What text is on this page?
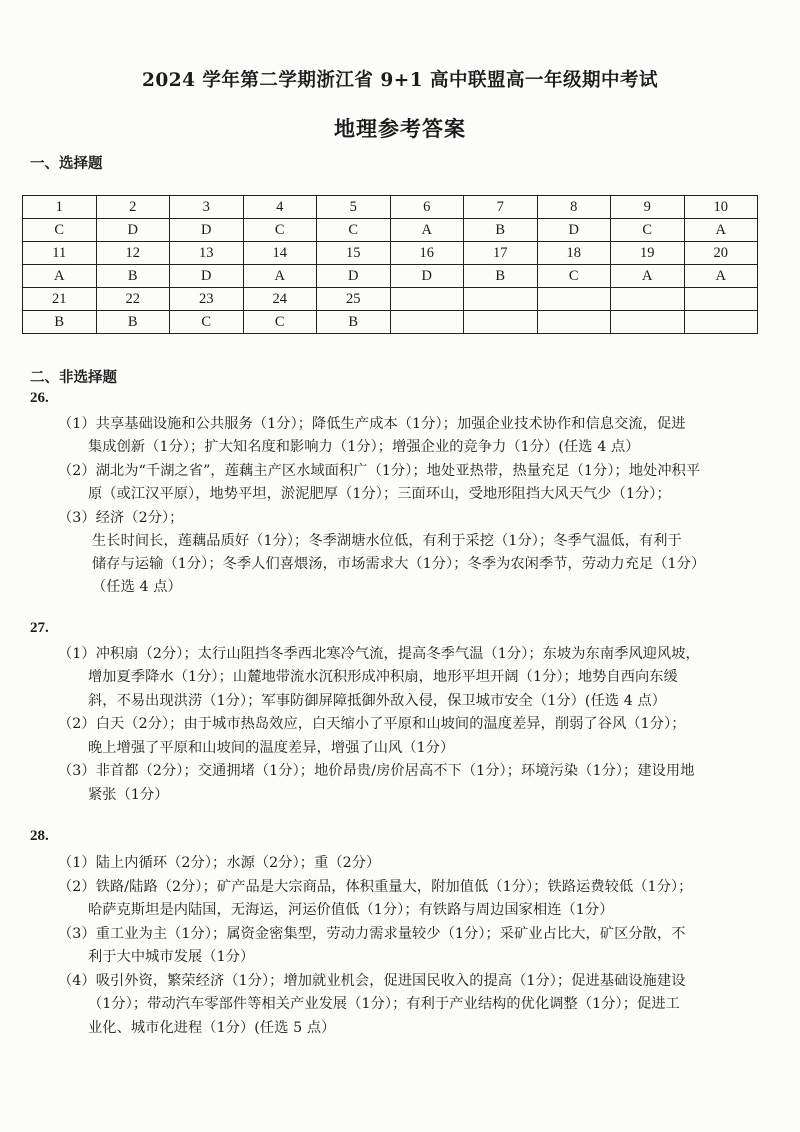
2024 学年第二学期浙江省 9+1 高中联盟高一年级期中考试
地理参考答案
一、选择题
1	2	3	4	5	6	7	8	9	10
C	D	D	C	C	A	B	D	C	A
11	12	13	14	15	16	17	18	19	20
A	B	D	A	D	D	B	C	A	A
21	22	23	24	25					
B	B	C	C	B					
二、非选择题
26.
（1）共享基础设施和公共服务（1分）；降低生产成本（1分）；加强企业技术协作和信息交流，促进
集成创新（1分）；扩大知名度和影响力（1分）；增强企业的竞争力（1分）(任选 4 点）
（2）湖北为“千湖之省”，莲藕主产区水域面积广（1分）；地处亚热带，热量充足（1分）；地处冲积平
原（或江汉平原），地势平坦，淤泥肥厚（1分）；三面环山，受地形阻挡大风天气少（1分）；
（3）经济（2分）；
生长时间长，莲藕品质好（1分）；冬季湖塘水位低，有利于采挖（1分）；冬季气温低，有利于
储存与运输（1分）；冬季人们喜煨汤，市场需求大（1分）；冬季为农闲季节，劳动力充足（1分）
（任选 4 点）
27.
（1）冲积扇（2分）；太行山阻挡冬季西北寒冷气流，提高冬季气温（1分）；东坡为东南季风迎风坡，
增加夏季降水（1分）；山麓地带流水沉积形成冲积扇，地形平坦开阔（1分）；地势自西向东缓
斜，不易出现洪涝（1分）；军事防御屏障抵御外敌入侵，保卫城市安全（1分）(任选 4 点）
（2）白天（2分）；由于城市热岛效应，白天缩小了平原和山坡间的温度差异，削弱了谷风（1分）；
晚上增强了平原和山坡间的温度差异，增强了山风（1分）
（3）非首都（2分）；交通拥堵（1分）；地价昂贵/房价居高不下（1分）；环境污染（1分）；建设用地
紧张（1分）
28.
（1）陆上内循环（2分）；水源（2分）；重（2分）
（2）铁路/陆路（2分）；矿产品是大宗商品，体积重量大，附加值低（1分）；铁路运费较低（1分）；
哈萨克斯坦是内陆国，无海运，河运价值低（1分）；有铁路与周边国家相连（1分）
（3）重工业为主（1分）；属资金密集型，劳动力需求量较少（1分）；采矿业占比大，矿区分散，不
利于大中城市发展（1分）
（4）吸引外资，繁荣经济（1分）；增加就业机会，促进国民收入的提高（1分）；促进基础设施建设
（1分）；带动汽车零部件等相关产业发展（1分）；有利于产业结构的优化调整（1分）；促进工
业化、城市化进程（1分）(任选 5 点）
